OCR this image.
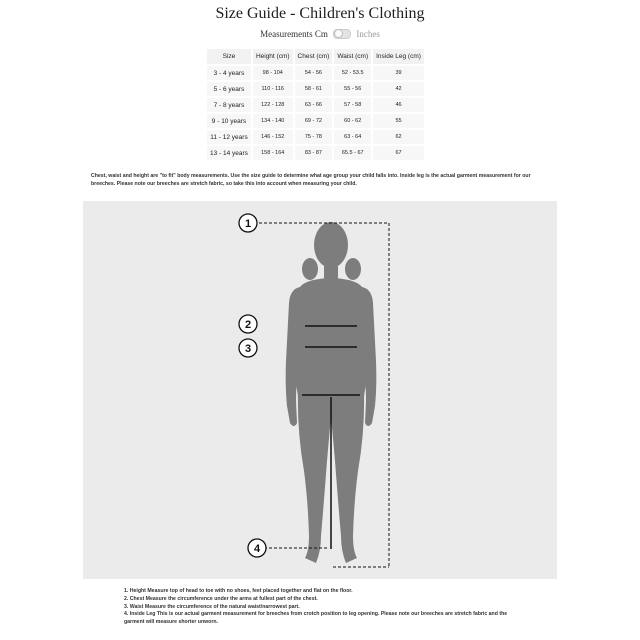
Size Guide - Children's Clothing
Measurements Cm	Inches
Size	Height (cm)	Chest (cm)	Waist (cm)	Inside Leg (cm)
3 - 4 years	98 - 104	54 - 56	52 - 53.5	39
5 - 6 years	110 - 116	58 - 61	55 - 56	42
7 - 8 years	122 - 128	63 - 66	57 - 58	46
9 - 10 years	134 - 140	69 - 72	60 - 62	55
11 - 12 years	146 - 152	75 - 78	63 - 64	62
13 - 14 years	158 - 164	83 - 87	65.5 - 67	67
Chest, waist and height are "to fit" body measurements. Use the size guide to determine what age group your child falls into. Inside leg is the actual garment measurement for our breeches. Please note our breeches are stretch fabric, so take this into account when measuring your child.
1
2
3
4
1. Height Measure top of head to toe with no shoes, feet placed together and flat on the floor.
2. Chest Measure the circumference under the arms at fullest part of the chest.
3. Waist Measure the circumference of the natural waist/narrowest part.
4. Inside Leg This is our actual garment measurement for breeches from crotch position to leg opening. Please note our breeches are stretch fabric and the garment will measure shorter unworn.
